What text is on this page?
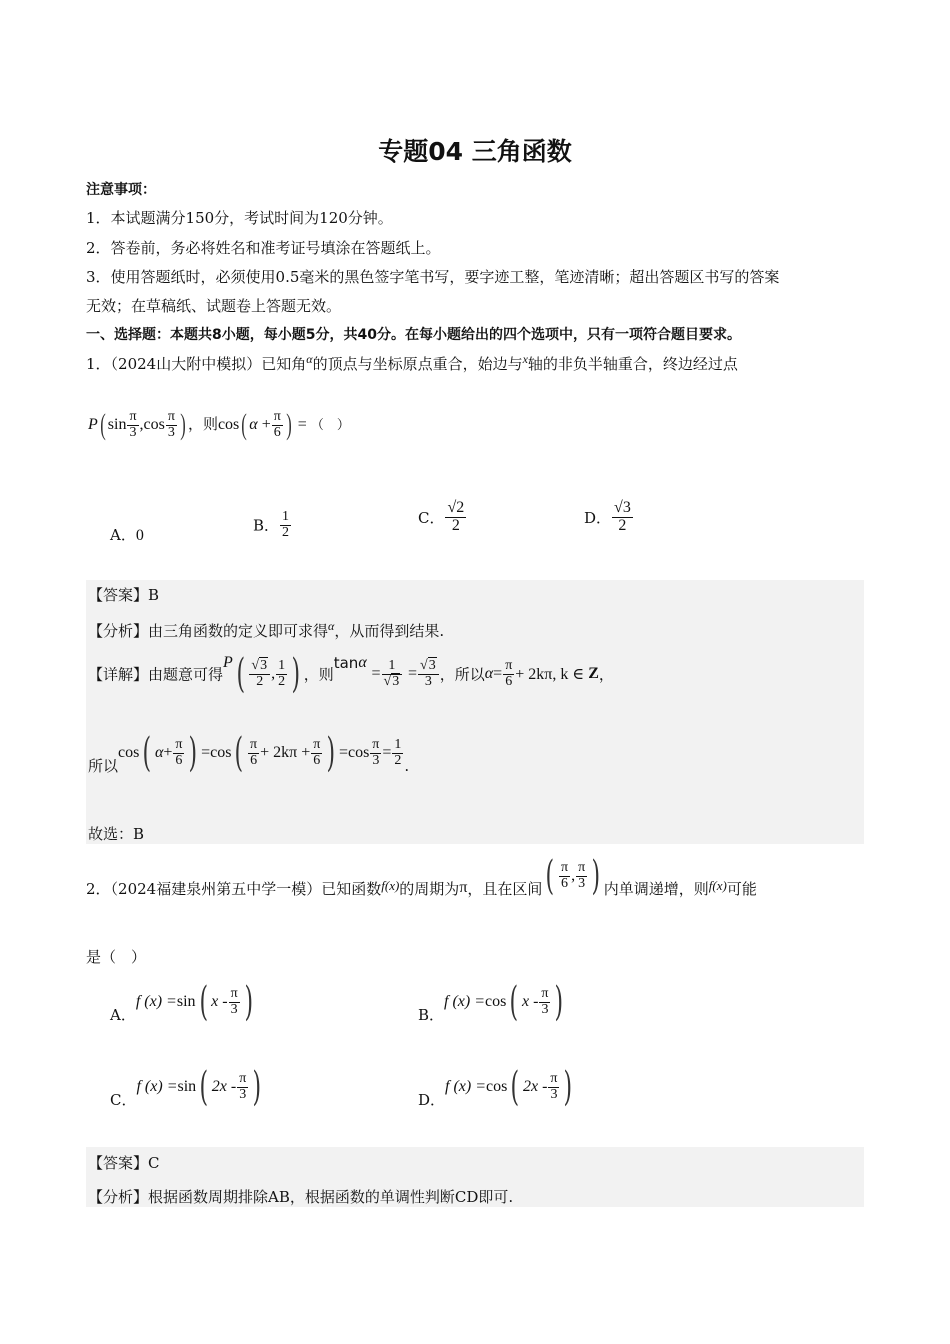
专题04 三角函数
注意事项：
1．本试题满分150分，考试时间为120分钟。
2．答卷前，务必将姓名和准考证号填涂在答题纸上。
3．使用答题纸时，必须使用0.5毫米的黑色签字笔书写，要字迹工整，笔迹清晰；超出答题区书写的答案
无效；在草稿纸、试题卷上答题无效。
一、选择题：本题共8小题，每小题5分，共40分。在每小题给出的四个选项中，只有一项符合题目要求。
1．（2024山大附中模拟）已知角$^\alpha$的顶点与坐标原点重合，始边与$^x$轴的非负半轴重合，终边经过点
P( $\sin \frac{\pi}{3} ,\cos \frac{\pi}{3}$ ) ，则cos( $\alpha + \frac{\pi}{6}$ ) = （　）
A．0
B． $\frac{1}{2}$	C． $\frac{√2}{2}$	D． $\frac{√3}{2}$
【答案】B
【分析】由三角函数的定义即可求得$^\alpha$，从而得到结果.
【详解】由题意可得$P( \frac{√3}{2}$ , $\frac{1}{2}$ ) ，则$\tan\alpha = \frac{1}{√3} = \frac{√3}{3}$ ，所以$\alpha= \frac{\pi}{6} + 2k\pi$, k ∈ Z，
所以cos( $\alpha+ \frac{\pi}{6}$ ) $=\cos( \frac{\pi}{6} + 2k\pi + \frac{\pi}{6}$ ) $=\cos \frac{\pi}{3} = \frac{1}{2}$ .
故选：B
2．（2024福建泉州第五中学一模）已知函数f(x)的周期为π，且在区间( $\frac{\pi}{6}$ , $\frac{\pi}{3}$ ) 内单调递增，则f(x)可能
是（　）
A．f (x) =sin( x - $\frac{\pi}{3}$ )	B．f (x) =cos( x - $\frac{\pi}{3}$ )
C．f (x) =sin( $2x - \frac{\pi}{3}$ )	D．f (x) =cos( $2x - \frac{\pi}{3}$ )
【答案】C
【分析】根据函数周期排除AB，根据函数的单调性判断CD即可.
